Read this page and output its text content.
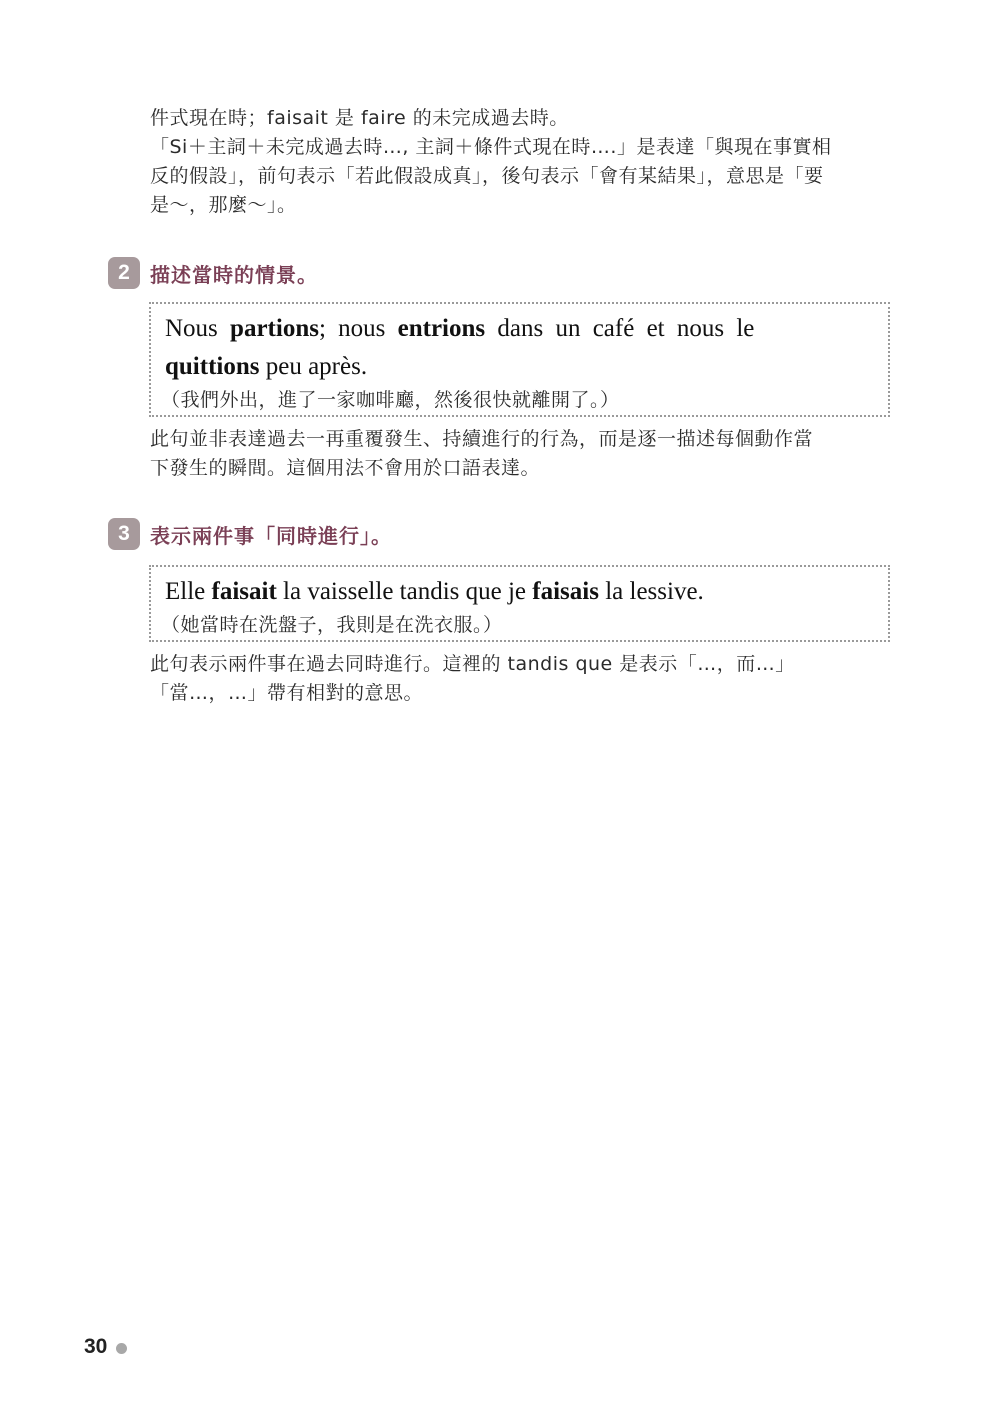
件式現在時；faisait 是 faire 的未完成過去時。
「Si＋主詞＋未完成過去時…, 主詞＋條件式現在時….」是表達「與現在事實相
反的假設」，前句表示「若此假設成真」，後句表示「會有某結果」，意思是「要
是～，那麼～」。
2	描述當時的情景。

Nous partions; nous entrions dans un café et nous le

quittions peu après.

（我們外出，進了一家咖啡廳，然後很快就離開了。）
此句並非表達過去一再重覆發生、持續進行的行為，而是逐一描述每個動作當
下發生的瞬間。這個用法不會用於口語表達。
3	表示兩件事「同時進行」。

Elle faisait la vaisselle tandis que je faisais la lessive.

（她當時在洗盤子，我則是在洗衣服。）
此句表示兩件事在過去同時進行。這裡的 tandis que 是表示「…，而…」
「當…，…」帶有相對的意思。
30
